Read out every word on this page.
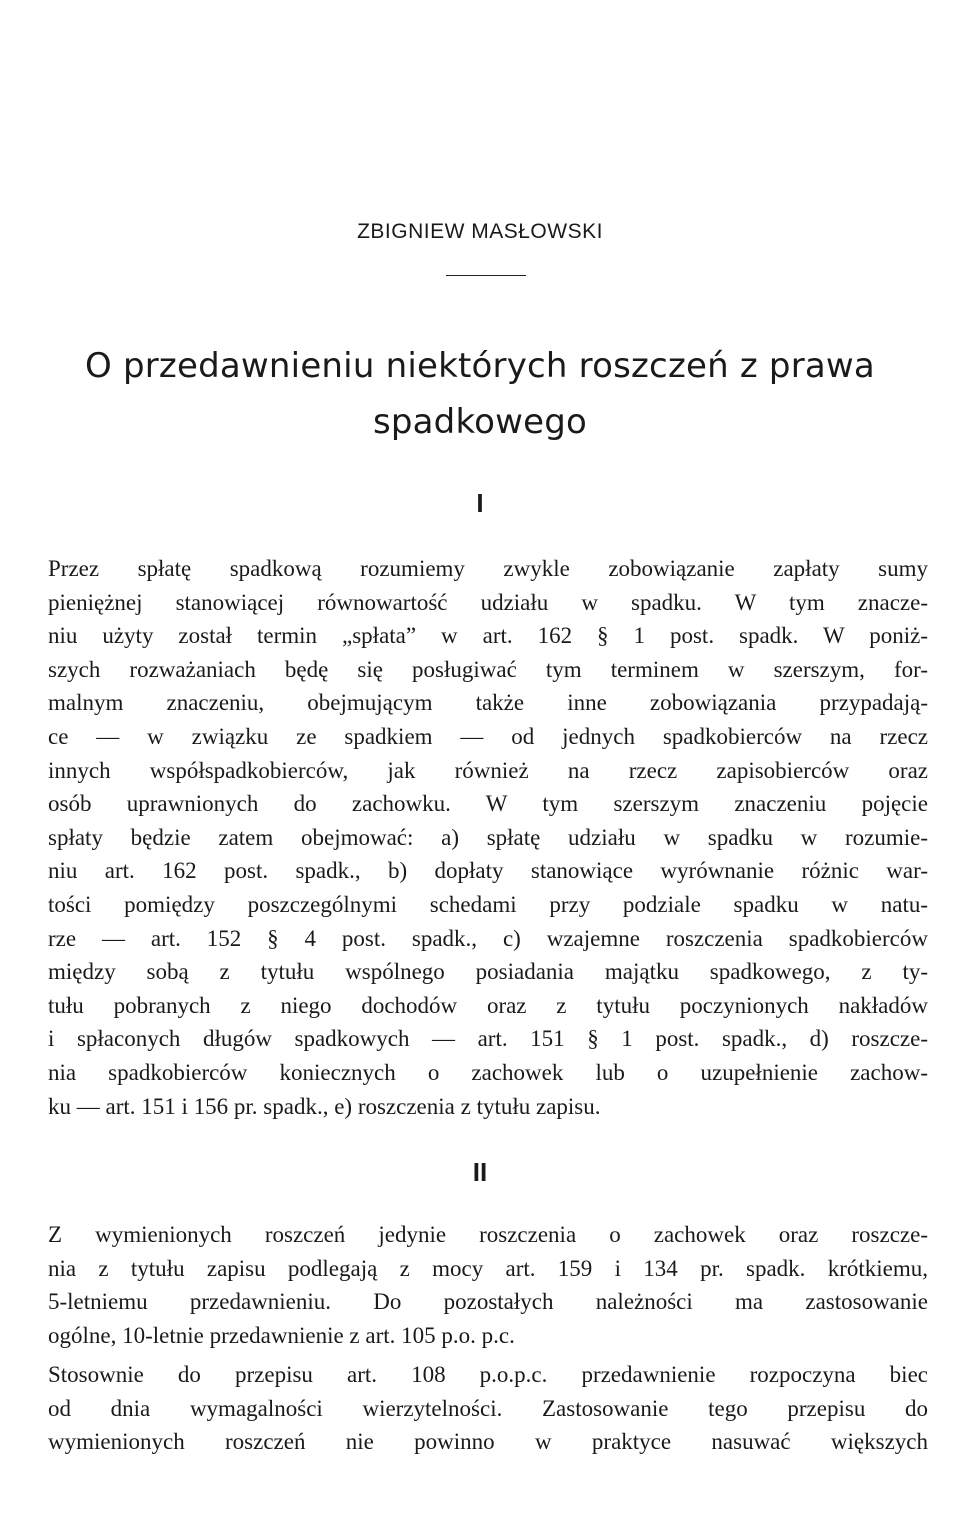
ZBIGNIEW MASŁOWSKI
O przedawnieniu niektórych roszczeń z prawa
spadkowego
I

Przez spłatę spadkową rozumiemy zwykle zobowiązanie zapłaty sumy
pieniężnej stanowiącej równowartość udziału w spadku. W tym znacze-
niu użyty został termin „spłata” w art. 162 § 1 post. spadk. W poniż-
szych rozważaniach będę się posługiwać tym terminem w szerszym, for-
malnym znaczeniu, obejmującym także inne zobowiązania przypadają-
ce — w związku ze spadkiem — od jednych spadkobierców na rzecz
innych współspadkobierców, jak również na rzecz zapisobierców oraz
osób uprawnionych do zachowku. W tym szerszym znaczeniu pojęcie
spłaty będzie zatem obejmować: a) spłatę udziału w spadku w rozumie-
niu art. 162 post. spadk., b) dopłaty stanowiące wyrównanie różnic war-
tości pomiędzy poszczególnymi schedami przy podziale spadku w natu-
rze — art. 152 § 4 post. spadk., c) wzajemne roszczenia spadkobierców
między sobą z tytułu wspólnego posiadania majątku spadkowego, z ty-
tułu pobranych z niego dochodów oraz z tytułu poczynionych nakładów
i spłaconych długów spadkowych — art. 151 § 1 post. spadk., d) roszcze-
nia spadkobierców koniecznych o zachowek lub o uzupełnienie zachow-
ku — art. 151 i 156 pr. spadk., e) roszczenia z tytułu zapisu.

II

Z wymienionych roszczeń jedynie roszczenia o zachowek oraz roszcze-
nia z tytułu zapisu podlegają z mocy art. 159 i 134 pr. spadk. krótkiemu,
5-letniemu przedawnieniu. Do pozostałych należności ma zastosowanie
ogólne, 10-letnie przedawnienie z art. 105 p.o. p.c.

Stosownie do przepisu art. 108 p.o.p.c. przedawnienie rozpoczyna biec
od dnia wymagalności wierzytelności. Zastosowanie tego przepisu do
wymienionych roszczeń nie powinno w praktyce nasuwać większych
